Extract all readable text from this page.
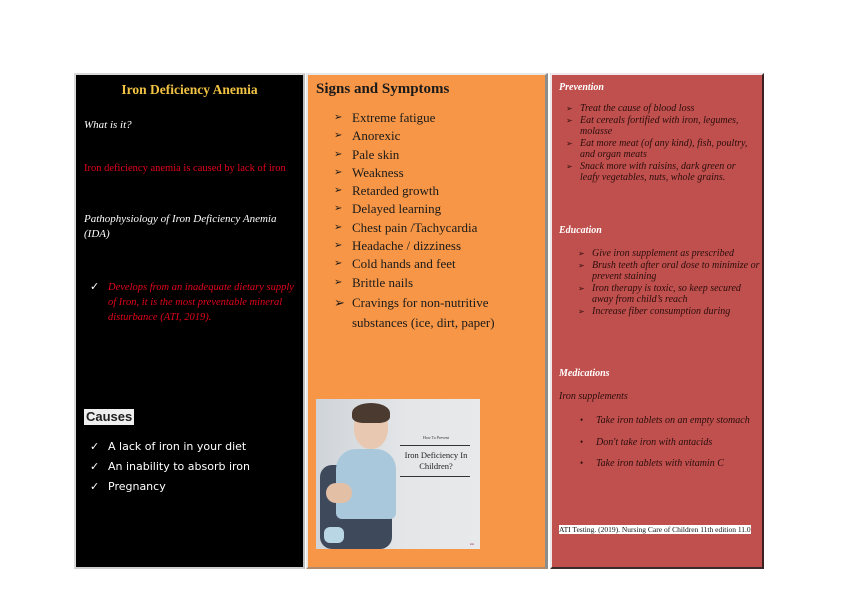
Iron Deficiency Anemia

What is it?

Iron deficiency anemia is caused by lack of iron

Pathophysiology of Iron Deficiency Anemia (IDA)

✓ Develops from an inadequate dietary supply of Iron, it is the most preventable mineral disturbance (ATI, 2019).
Causes
✓ A lack of iron in your diet
✓ An inability to absorb iron
✓ Pregnancy
Signs and Symptoms
➢ Extreme fatigue
➢ Anorexic
➢ Pale skin
➢ Weakness
➢ Retarded growth
➢ Delayed learning
➢ Chest pain /Tachycardia
➢ Headache / dizziness
➢ Cold hands and feet
➢ Brittle nails
➢ Cravings for non-nutritive substances (ice, dirt, paper)
How To Prevent
Iron Deficiency In Children?
●●
Prevention
➢ Treat the cause of blood loss
➢ Eat cereals fortified with iron, legumes, molasse
➢ Eat more meat (of any kind), fish, poultry, and organ meats
➢ Snack more with raisins, dark green or leafy vegetables, nuts, whole grains.
Education
➢ Give iron supplement as prescribed
➢ Brush teeth after oral dose to minimize or prevent staining
➢ Iron therapy is toxic, so keep secured away from child’s reach
➢ Increase fiber consumption during
Medications

Iron supplements

•	Take iron tablets on an empty stomach
•	Don't take iron with antacids
•	Take iron tablets with vitamin C

ATI Testing. (2019). Nursing Care of Children 11th edition 11.0
